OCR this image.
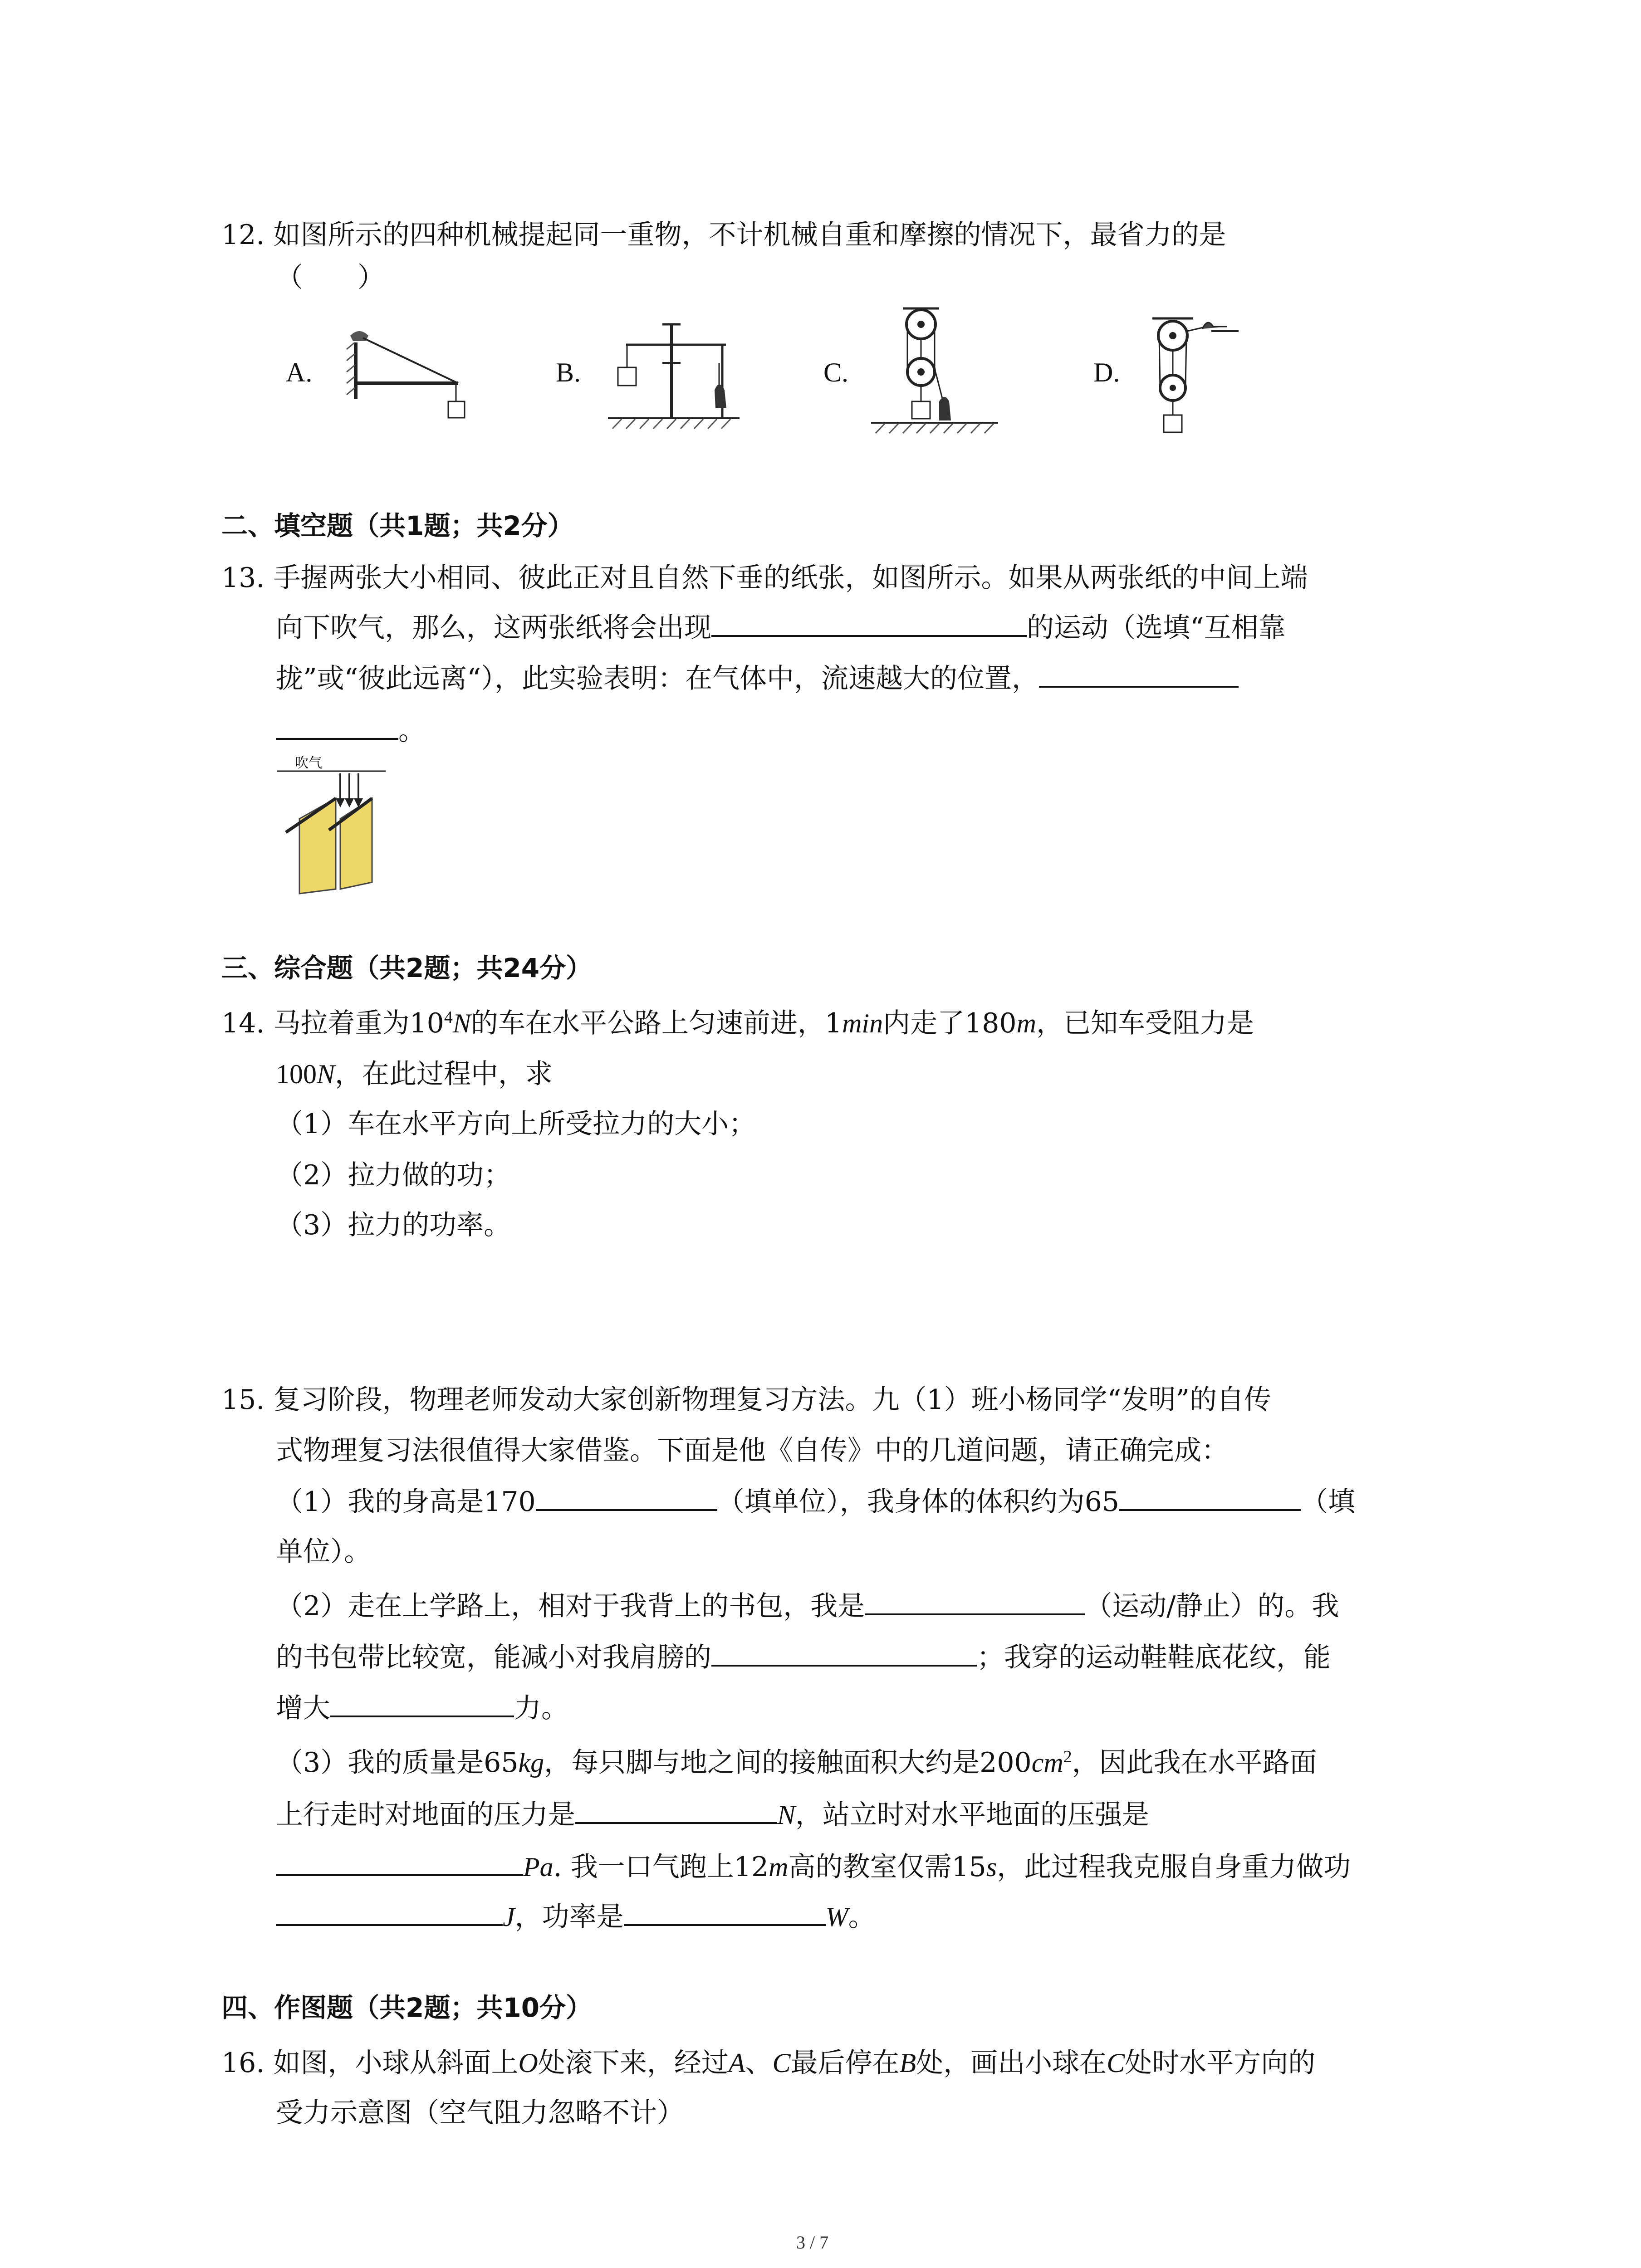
12. 如图所示的四种机械提起同一重物，不计机械自重和摩擦的情况下，最省力的是
（　　）
A.	B.	C.	D.
二、填空题（共1题；共2分）
13. 手握两张大小相同、彼此正对且自然下垂的纸张，如图所示。如果从两张纸的中间上端
向下吹气，那么，这两张纸将会出现	的运动（选填“互相靠
拢”或“彼此远离“），此实验表明：在气体中，流速越大的位置，
。
吹气
三、综合题（共2题；共24分）
14. 马拉着重为$10^4N$的车在水平公路上匀速前进，1min内走了180m，已知车受阻力是
100N，在此过程中，求
（1）车在水平方向上所受拉力的大小；
（2）拉力做的功；
（3）拉力的功率。
15. 复习阶段，物理老师发动大家创新物理复习方法。九（1）班小杨同学“发明”的自传
式物理复习法很值得大家借鉴。下面是他《自传》中的几道问题，请正确完成：
（1）我的身高是170	（填单位），我身体的体积约为65	（填
单位）。
（2）走在上学路上，相对于我背上的书包，我是	（运动/静止）的。我
的书包带比较宽，能减小对我肩膀的	；我穿的运动鞋鞋底花纹，能
增大	力。
（3）我的质量是65kg，每只脚与地之间的接触面积大约是$200cm^2$，因此我在水平路面
上行走时对地面的压力是	N，站立时对水平地面的压强是
Pa. 我一口气跑上12m高的教室仅需15s，此过程我克服自身重力做功
J，功率是	W。
四、作图题（共2题；共10分）
16. 如图，小球从斜面上O处滚下来，经过A、C最后停在B处，画出小球在C处时水平方向的
受力示意图（空气阻力忽略不计）
3 / 7
